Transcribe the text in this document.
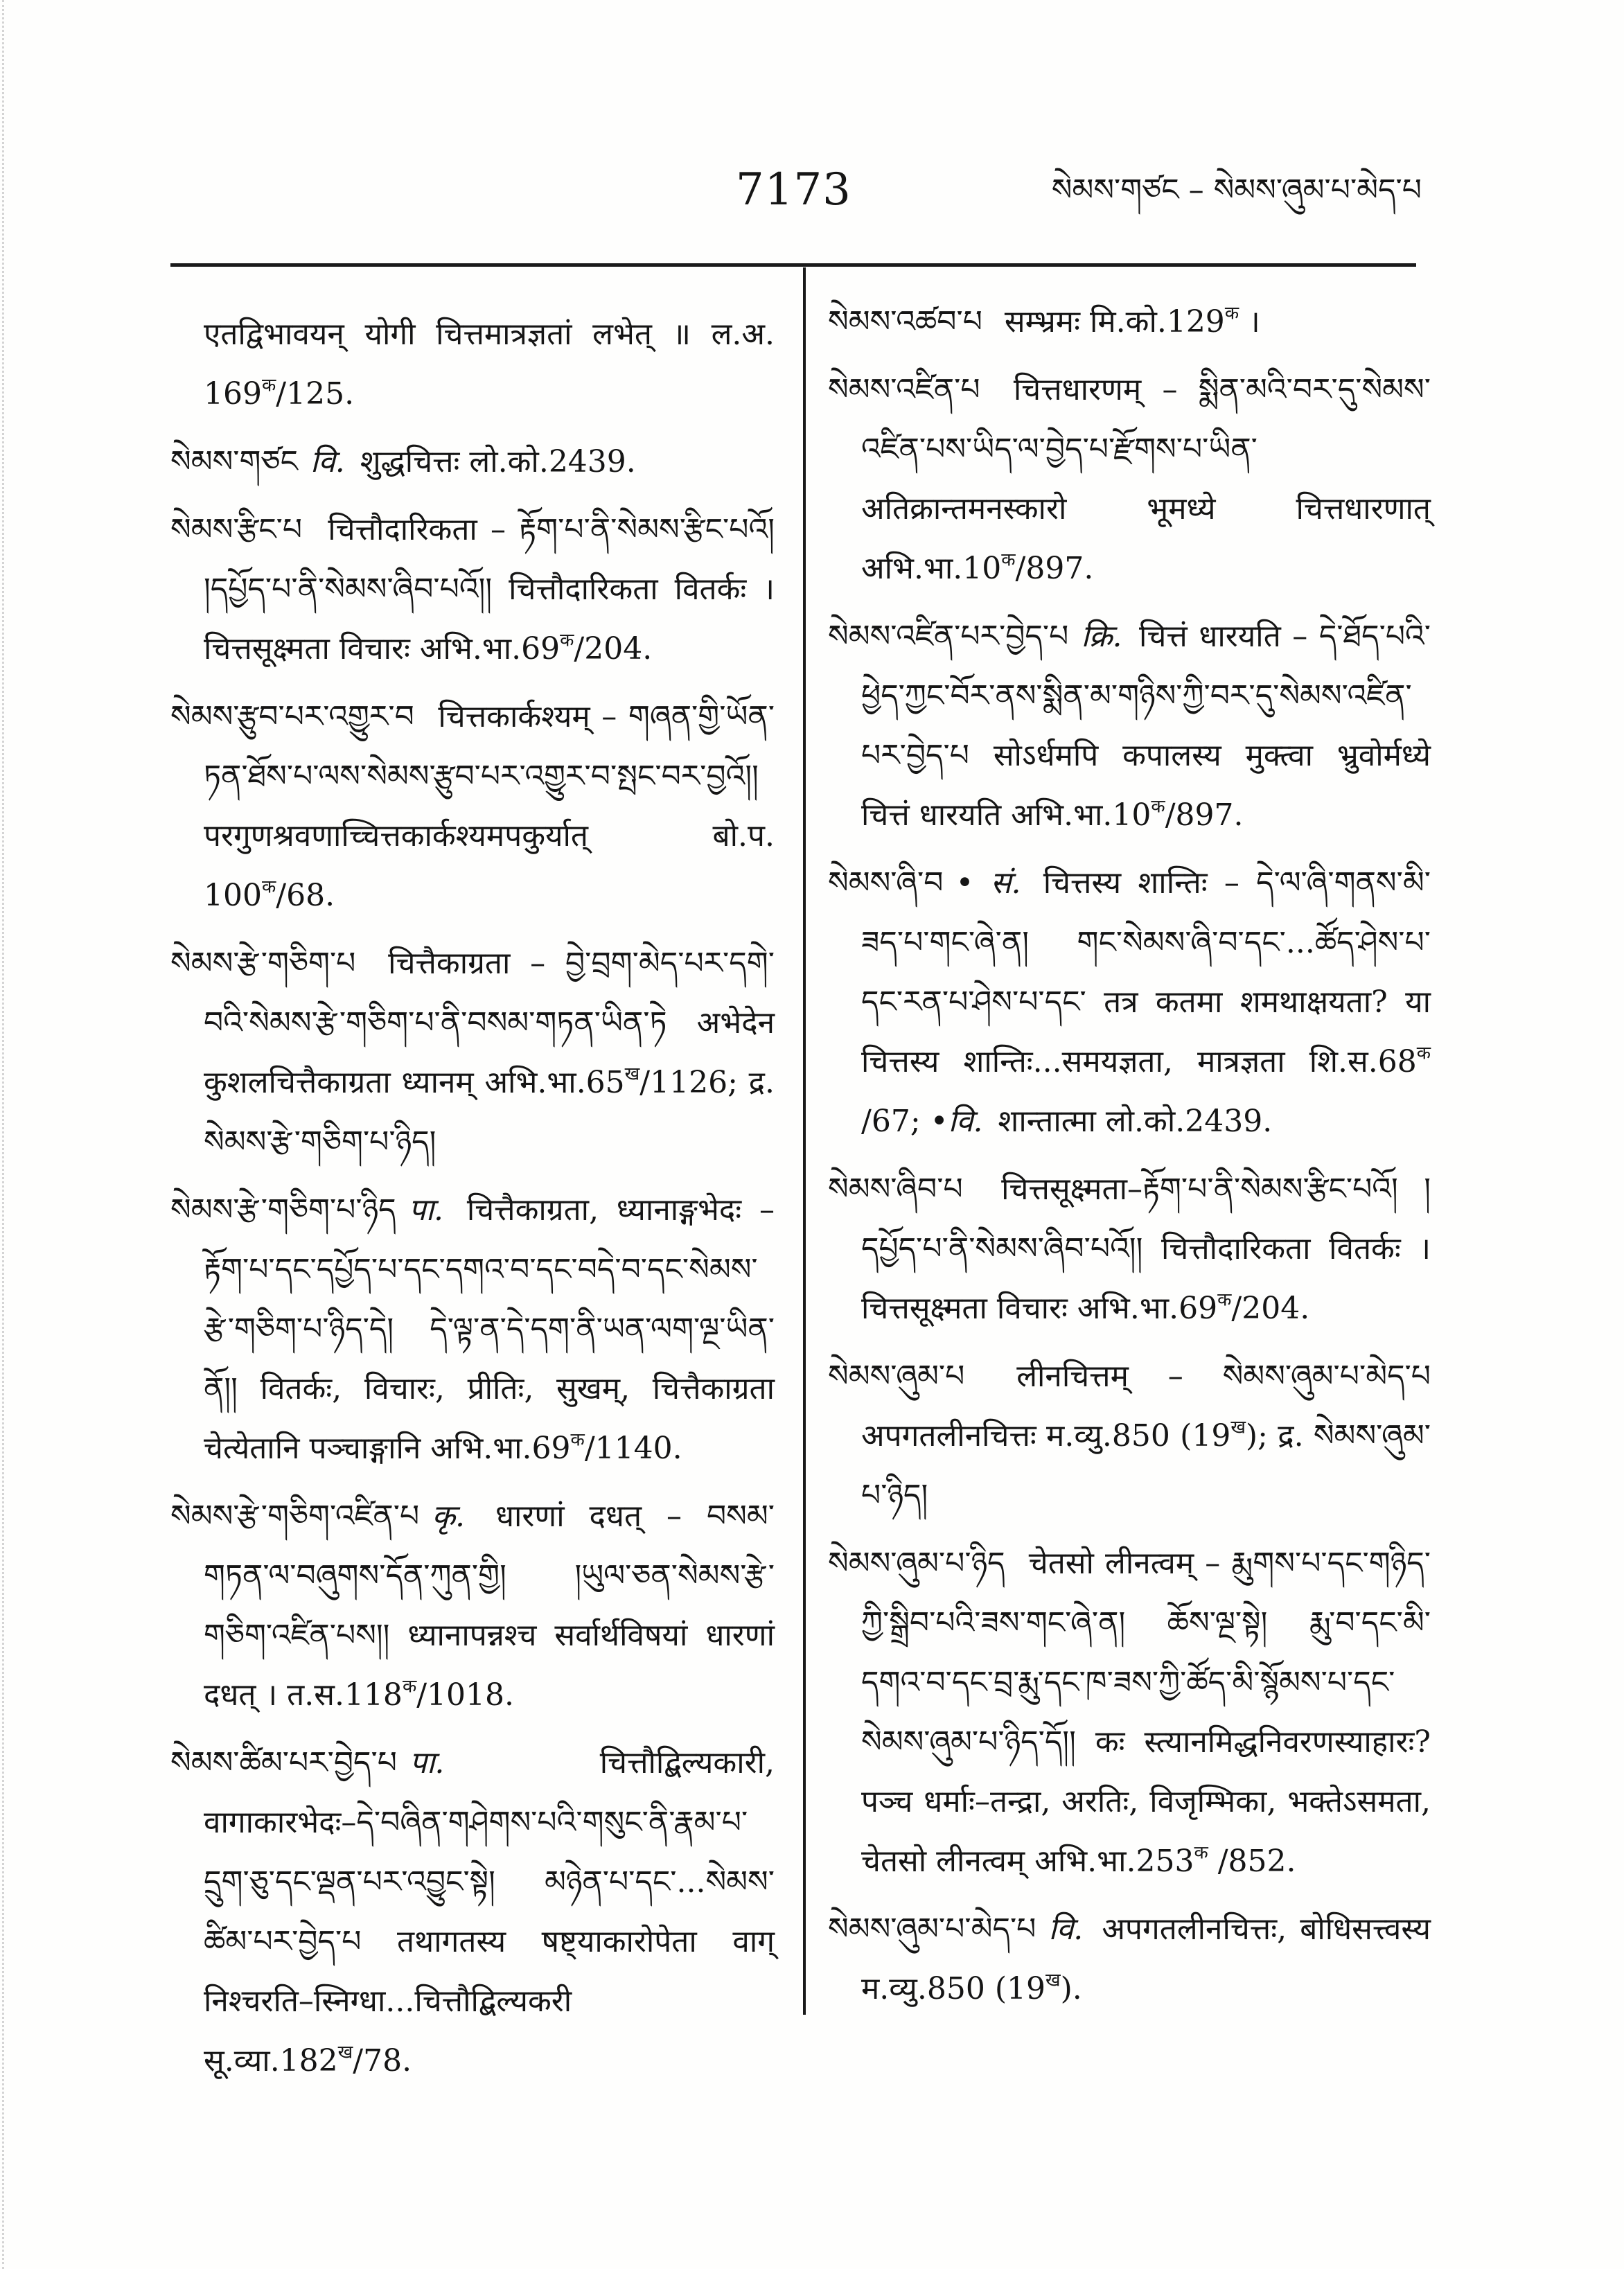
7173	སེམས་གཙང – སེམས་ཞུམ་པ་མེད་པ
एतद्विभावयन् योगी चित्तमात्रज्ञतां लभेत् ॥ ल.अ. $169^क/125$.
སེམས་གཙང वि. शुद्धचित्तः लो.को.2439.
སེམས་རྩིང་པ चित्तौदारिकता – རྟོག་པ་ནི་སེམས་རྩིང་པའོ། །དཔྱོད་པ་ནི་སེམས་ཞིབ་པའོ།། चित्तौदारिकता वितर्कः । चित्तसूक्ष्मता विचारः $अभि.भा.69^क/204$.
སེམས་རྩུབ་པར་འགྱུར་བ चित्तकार्कश्यम् – གཞན་གྱི་ཡོན་ཏན་ཐོས་པ་ལས་སེམས་རྩུབ་པར་འགྱུར་བ་སྤང་བར་བྱའོ།། परगुणश्रवणाच्चित्तकार्कश्यमपकुर्यात् बो.प. $100^क/68$.
སེམས་རྩེ་གཅིག་པ चित्तैकाग्रता – བྱེ་བྲག་མེད་པར་དགེ་བའི་སེམས་རྩེ་གཅིག་པ་ནི་བསམ་གཏན་ཡིན་ཏེ अभेदेन कुशलचित्तैकाग्रता ध्यानम् $अभि.भा.65^ख/1126$; द्र. སེམས་རྩེ་གཅིག་པ་ཉིད།
སེམས་རྩེ་གཅིག་པ་ཉིད पा. चित्तैकाग्रता, ध्यानाङ्गभेदः – རྟོག་པ་དང་དཔྱོད་པ་དང་དགའ་བ་དང་བདེ་བ་དང་སེམས་རྩེ་གཅིག་པ་ཉིད་དེ། དེ་ལྟ་ན་དེ་དག་ནི་ཡན་ལག་ལྔ་ཡིན་ནོ།། वितर्कः, विचारः, प्रीतिः, सुखम्, चित्तैकाग्रता चेत्येतानि पञ्चाङ्गानि $अभि.भा.69^क/1140$.
སེམས་རྩེ་གཅིག་འཛིན་པ कृ. धारणां दधत् – བསམ་གཏན་ལ་བཞུགས་དོན་ཀུན་གྱི། །ཡུལ་ཅན་སེམས་རྩེ་གཅིག་འཛིན་པས།། ध्यानापन्नश्च सर्वार्थविषयां धारणां दधत् । $त.स.118^क/1018$.
སེམས་ཚིམ་པར་བྱེད་པ पा. चित्तौद्बिल्यकारी, वागाकारभेदः–དེ་བཞིན་གཤེགས་པའི་གསུང་ནི་རྣམ་པ་དྲུག་ཅུ་དང་ལྡན་པར་འབྱུང་སྟེ། མཉེན་པ་དང་...སེམས་ཚིམ་པར་བྱེད་པ तथागतस्य षष्ट्याकारोपेता वाग् निश्चरति–स्निग्धा...चित्तौद्बिल्यकरी $सू.व्या.182^ख/78$.
སེམས་འཚབ་པ सम्भ्रमः $मि.को.129^क$ ।
སེམས་འཛིན་པ चित्तधारणम् – སྨིན་མའི་བར་དུ་སེམས་འཛིན་པས་ཡིད་ལ་བྱེད་པ་རྫོགས་པ་ཡིན་ अतिक्रान्तमनस्कारो भूमध्ये चित्तधारणात् $अभि.भा.10^क/897$.
སེམས་འཛིན་པར་བྱེད་པ क्रि. चित्तं धारयति – དེ་ཐོད་པའི་ཕྱེད་ཀྱང་བོར་ནས་སྨིན་མ་གཉིས་ཀྱི་བར་དུ་སེམས་འཛིན་པར་བྱེད་པ सोऽर्धमपि कपालस्य मुक्त्वा भ्रुवोर्मध्ये चित्तं धारयति $अभि.भा.10^क/897$.
སེམས་ཞི་བ • सं. चित्तस्य शान्तिः – དེ་ལ་ཞི་གནས་མི་ཟད་པ་གང་ཞེ་ན། གང་སེམས་ཞི་བ་དང་...ཚོད་ཤེས་པ་དང་རན་པ་ཤེས་པ་དང་ तत्र कतमा शमथाक्षयता? या चित्तस्य शान्तिः...समयज्ञता, मात्रज्ञता $शि.स.68^क$ /67; •वि. शान्तात्मा लो.को.2439.
སེམས་ཞིབ་པ चित्तसूक्ष्मता–རྟོག་པ་ནི་སེམས་རྩིང་པའོ། །དཔྱོད་པ་ནི་སེམས་ཞིབ་པའོ།། चित्तौदारिकता वितर्कः । चित्तसूक्ष्मता विचारः $अभि.भा.69^क/204$.
སེམས་ཞུམ་པ लीनचित्तम् – སེམས་ཞུམ་པ་མེད་པ अपगतलीनचित्तः म.व्यु.850 $(19^ख)$; द्र. སེམས་ཞུམ་པ་ཉིད།
སེམས་ཞུམ་པ་ཉིད चेतसो लीनत्वम् – རྨུགས་པ་དང་གཉིད་ཀྱི་སྒྲིབ་པའི་ཟས་གང་ཞེ་ན། ཆོས་ལྔ་སྟེ། རྨུ་བ་དང་མི་དགའ་བ་དང་བྲ་རྨུ་དང་ཁ་ཟས་ཀྱི་ཚོད་མི་སྙོམས་པ་དང་སེམས་ཞུམ་པ་ཉིད་དོ།། कः स्त्यानमिद्धनिवरणस्याहारः? पञ्च धर्माः–तन्द्रा, अरतिः, विजृम्भिका, भक्तेऽसमता, चेतसो लीनत्वम् $अभि.भा.253^क$ /852.
སེམས་ཞུམ་པ་མེད་པ वि. अपगतलीनचित्तः, बोधिसत्त्वस्य म.व्यु.850 $(19^ख)$.
